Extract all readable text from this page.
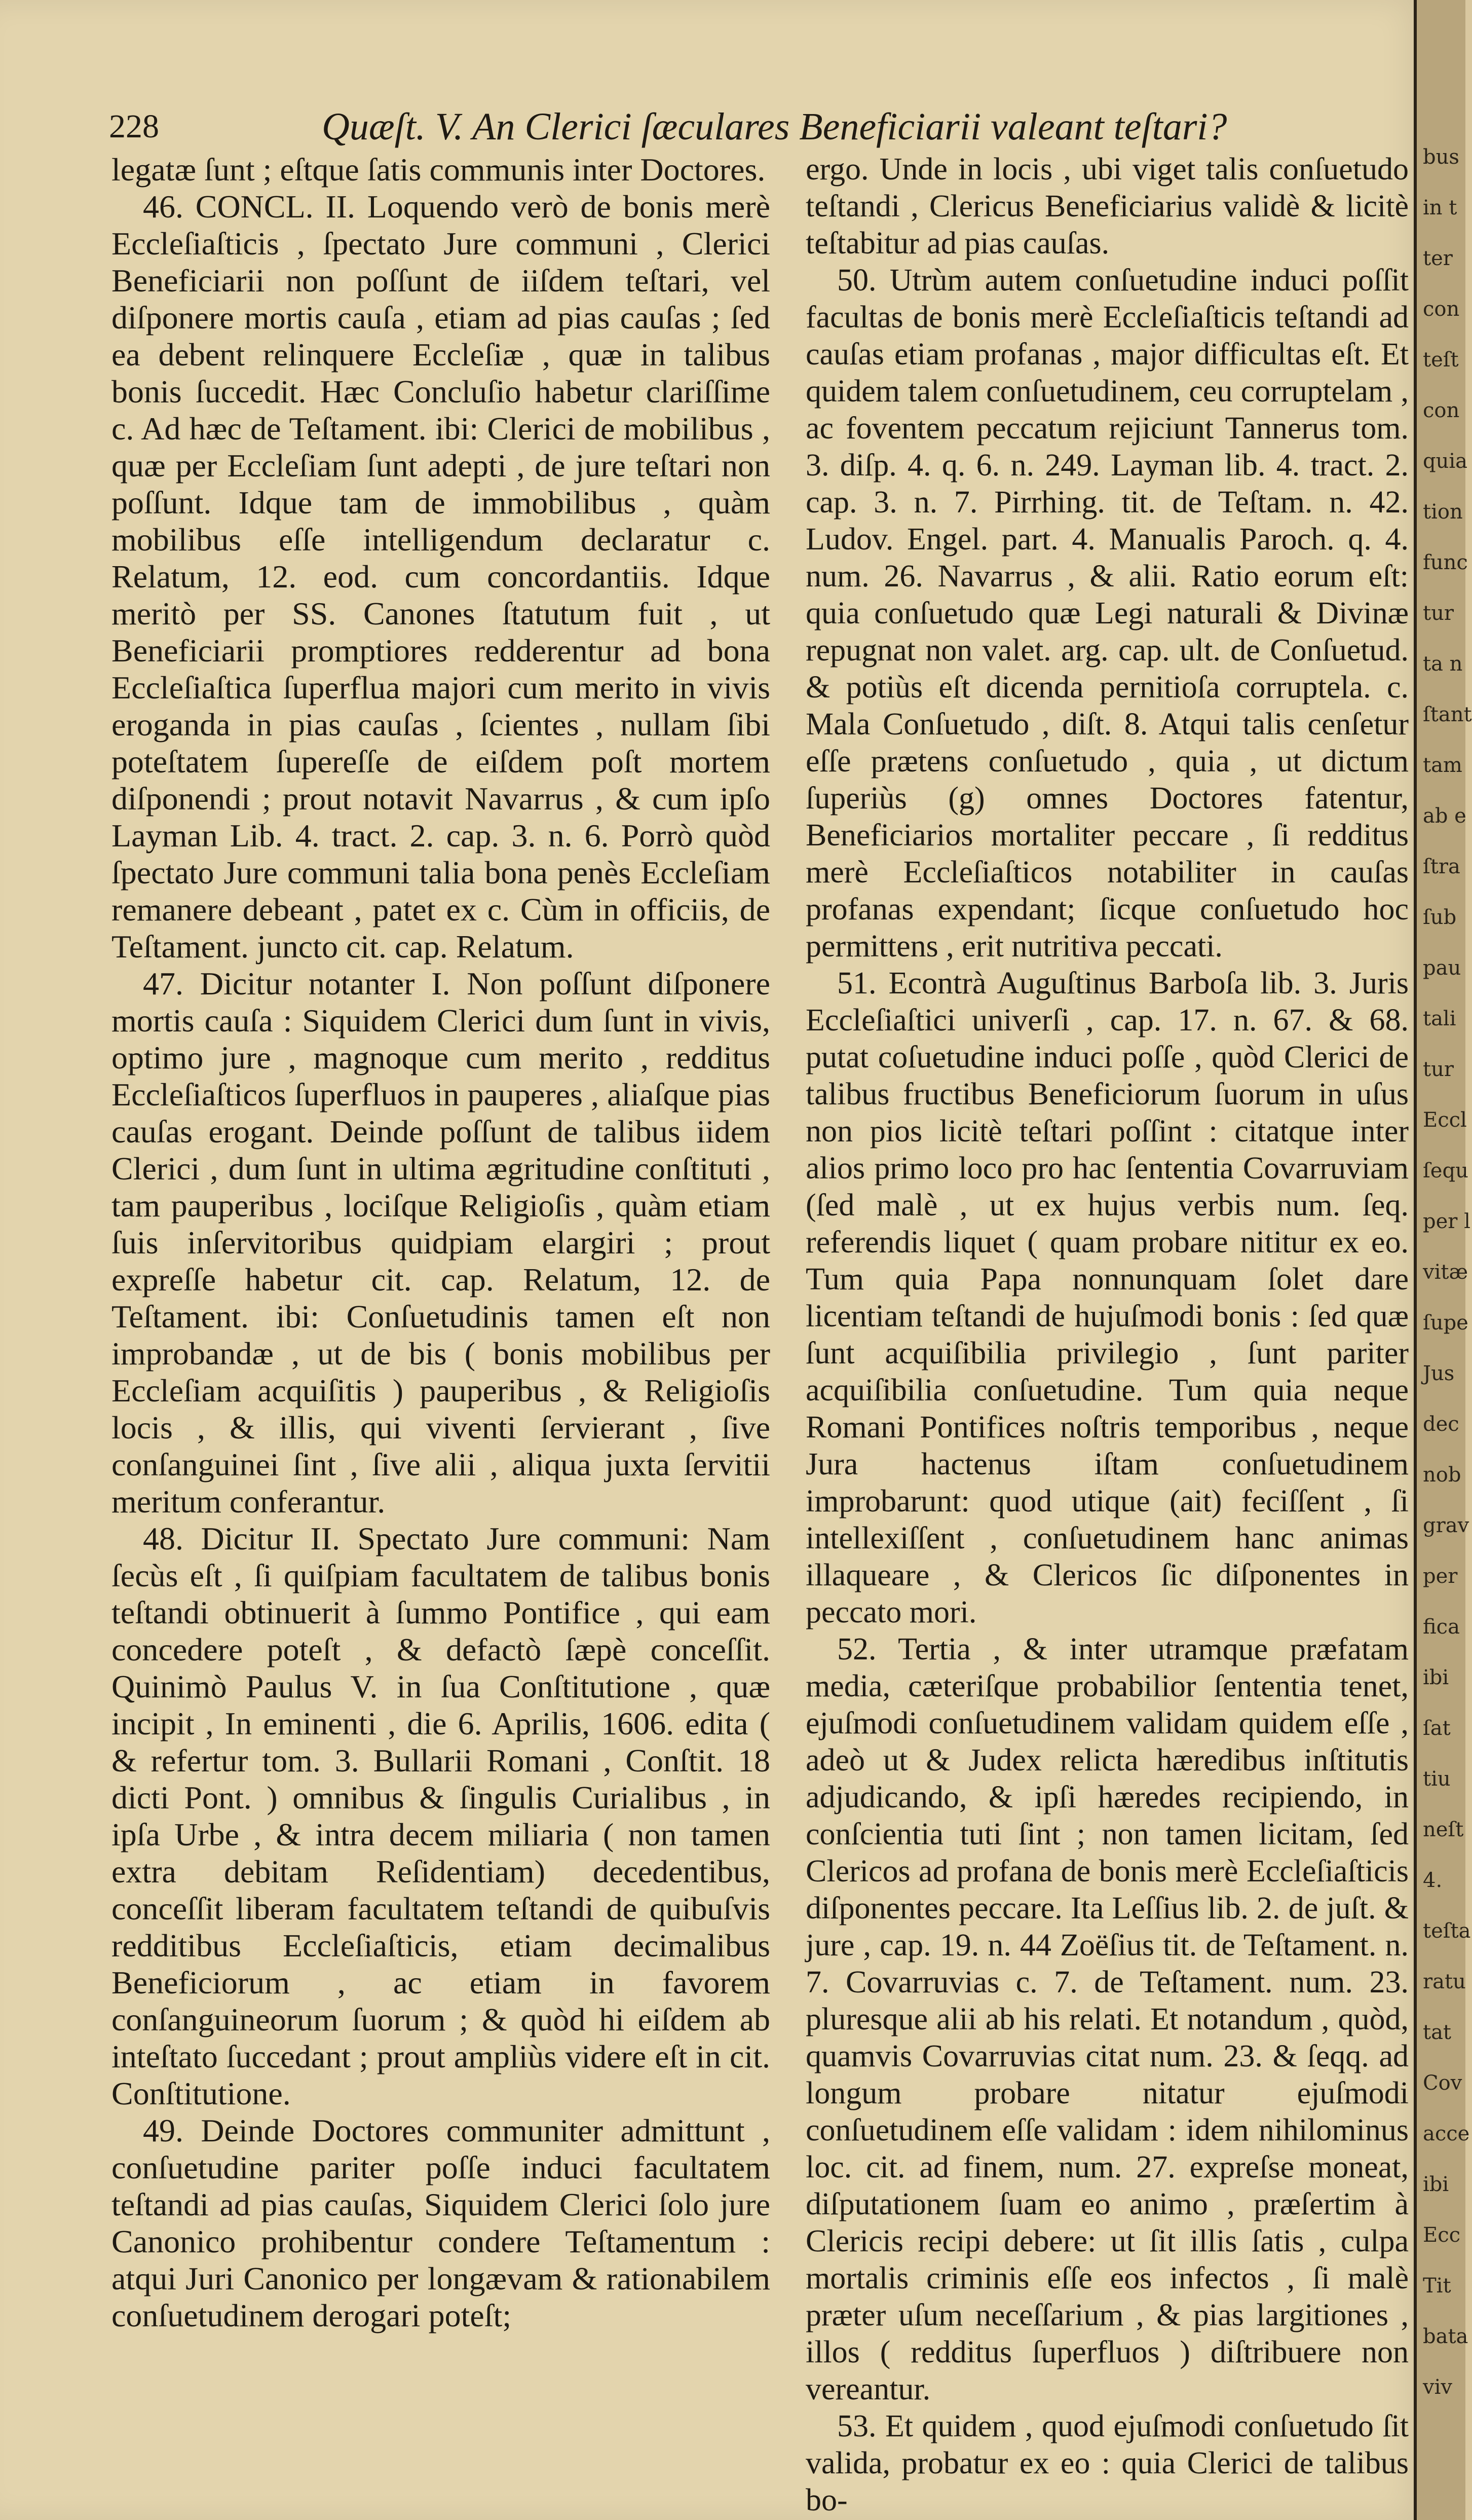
228	Quæſt. V. An Clerici ſæculares Beneficiarii valeant teſtari?

legatæ ſunt ; eſtque ſatis communis inter Doctores.

46. CONCL. II. Loquendo verò de bonis merè Eccleſiaſticis , ſpectato Jure communi , Clerici Beneficiarii non poſſunt de iiſdem teſtari, vel diſponere mortis cauſa , etiam ad pias cauſas ; ſed ea debent relinquere Eccleſiæ , quæ in talibus bonis ſuccedit. Hæc Concluſio habetur clariſſime c. Ad hæc de Teſtament. ibi: Clerici de mobilibus , quæ per Eccleſiam ſunt adepti , de jure teſtari non poſſunt. Idque tam de immobilibus , quàm mobilibus eſſe intelligendum declaratur c. Relatum, 12. eod. cum concordantiis. Idque meritò per SS. Canones ſtatutum fuit , ut Beneficiarii promptiores redderentur ad bona Eccleſiaſtica ſuperflua majori cum merito in vivis eroganda in pias cauſas , ſcientes , nullam ſibi poteſtatem ſupereſſe de eiſdem poſt mortem diſponendi ; prout notavit Navarrus , & cum ipſo Layman Lib. 4. tract. 2. cap. 3. n. 6. Porrò quòd ſpectato Jure communi talia bona penès Eccleſiam remanere debeant , patet ex c. Cùm in officiis, de Teſtament. juncto cit. cap. Relatum.

47. Dicitur notanter I. Non poſſunt diſponere mortis cauſa : Siquidem Clerici dum ſunt in vivis, optimo jure , magnoque cum merito , redditus Eccleſiaſticos ſuperfluos in pauperes , aliaſque pias cauſas erogant. Deinde poſſunt de talibus iidem Clerici , dum ſunt in ultima ægritudine conſtituti , tam pauperibus , lociſque Religioſis , quàm etiam ſuis inſervitoribus quidpiam elargiri ; prout expreſſe habetur cit. cap. Relatum, 12. de Teſtament. ibi: Conſuetudinis tamen eſt non improbandæ , ut de bis ( bonis mobilibus per Eccleſiam acquiſitis ) pauperibus , & Religioſis locis , & illis, qui viventi ſervierant , ſive conſanguinei ſint , ſive alii , aliqua juxta ſervitii meritum conferantur.

48. Dicitur II. Spectato Jure communi: Nam ſecùs eſt , ſi quiſpiam facultatem de talibus bonis teſtandi obtinuerit à ſummo Pontifice , qui eam concedere poteſt , & defactò ſæpè conceſſit. Quinimò Paulus V. in ſua Conſtitutione , quæ incipit , In eminenti , die 6. Aprilis, 1606. edita ( & refertur tom. 3. Bullarii Romani , Conſtit. 18 dicti Pont. ) omnibus & ſingulis Curialibus , in ipſa Urbe , & intra decem miliaria ( non tamen extra debitam Reſidentiam) decedentibus, conceſſit liberam facultatem teſtandi de quibuſvis redditibus Eccleſiaſticis, etiam decimalibus Beneficiorum , ac etiam in favorem conſanguineorum ſuorum ; & quòd hi eiſdem ab inteſtato ſuccedant ; prout ampliùs videre eſt in cit. Conſtitutione.

49. Deinde Doctores communiter admittunt , conſuetudine pariter poſſe induci facultatem teſtandi ad pias cauſas, Siquidem Clerici ſolo jure Canonico prohibentur condere Teſtamentum : atqui Juri Canonico per longævam & rationabilem conſuetudinem derogari poteſt;

ergo. Unde in locis , ubi viget talis conſuetudo teſtandi , Clericus Beneficiarius validè & licitè teſtabitur ad pias cauſas.

50. Utrùm autem conſuetudine induci poſſit facultas de bonis merè Eccleſiaſticis teſtandi ad cauſas etiam profanas , major difficultas eſt. Et quidem talem conſuetudinem, ceu corruptelam , ac foventem peccatum rejiciunt Tannerus tom. 3. diſp. 4. q. 6. n. 249. Layman lib. 4. tract. 2. cap. 3. n. 7. Pirrhing. tit. de Teſtam. n. 42. Ludov. Engel. part. 4. Manualis Paroch. q. 4. num. 26. Navarrus , & alii. Ratio eorum eſt: quia conſuetudo quæ Legi naturali & Divinæ repugnat non valet. arg. cap. ult. de Conſuetud. & potiùs eſt dicenda pernitioſa corruptela. c. Mala Conſuetudo , diſt. 8. Atqui talis cenſetur eſſe prætens conſuetudo , quia , ut dictum ſuperiùs (g) omnes Doctores fatentur, Beneficiarios mortaliter peccare , ſi redditus merè Eccleſiaſticos notabiliter in cauſas profanas expendant; ſicque conſuetudo hoc permittens , erit nutritiva peccati.

51. Econtrà Auguſtinus Barboſa lib. 3. Juris Eccleſiaſtici univerſi , cap. 17. n. 67. & 68. putat coſuetudine induci poſſe , quòd Clerici de talibus fructibus Beneficiorum ſuorum in uſus non pios licitè teſtari poſſint : citatque inter alios primo loco pro hac ſententia Covarruviam (ſed malè , ut ex hujus verbis num. ſeq. referendis liquet ( quam probare nititur ex eo. Tum quia Papa nonnunquam ſolet dare licentiam teſtandi de hujuſmodi bonis : ſed quæ ſunt acquiſibilia privilegio , ſunt pariter acquiſibilia conſuetudine. Tum quia neque Romani Pontifices noſtris temporibus , neque Jura hactenus iſtam conſuetudinem improbarunt: quod utique (ait) feciſſent , ſi intellexiſſent , conſuetudinem hanc animas illaqueare , & Clericos ſic diſponentes in peccato mori.

52. Tertia , & inter utramque præfatam media, cæteriſque probabilior ſententia tenet, ejuſmodi conſuetudinem validam quidem eſſe , adeò ut & Judex relicta hæredibus inſtitutis adjudicando, & ipſi hæredes recipiendo, in conſcientia tuti ſint ; non tamen licitam, ſed Clericos ad profana de bonis merè Eccleſiaſticis diſponentes peccare. Ita Leſſius lib. 2. de juſt. & jure , cap. 19. n. 44 Zoëſius tit. de Teſtament. n. 7. Covarruvias c. 7. de Teſtament. num. 23. pluresque alii ab his relati. Et notandum , quòd, quamvis Covarruvias citat num. 23. & ſeqq. ad longum probare nitatur ejuſmodi conſuetudinem eſſe validam : idem nihilominus loc. cit. ad finem, num. 27. expreſse moneat, diſputationem ſuam eo animo , præſertim à Clericis recipi debere: ut ſit illis ſatis , culpa mortalis criminis eſſe eos infectos , ſi malè præter uſum neceſſarium , & pias largitiones , illos ( redditus ſuperfluos ) diſtribuere non vereantur.

53. Et quidem , quod ejuſmodi conſuetudo ſit valida, probatur ex eo : quia Clerici de talibus bo-

bus
in t
ter
con
teſt
con
quia
tion
func
tur
ta n
ſtant
tam
ab e
ſtra
ſub
pau
tali
tur
Eccl
ſequ
per l
vitæ
ſupe
Jus
dec
nob
grav
per
fica
ibi
ſat
tiu
neſt
4.
teſta
ratu
tat
Cov
acce
ibi
Ecc
Tit
bata
viv
